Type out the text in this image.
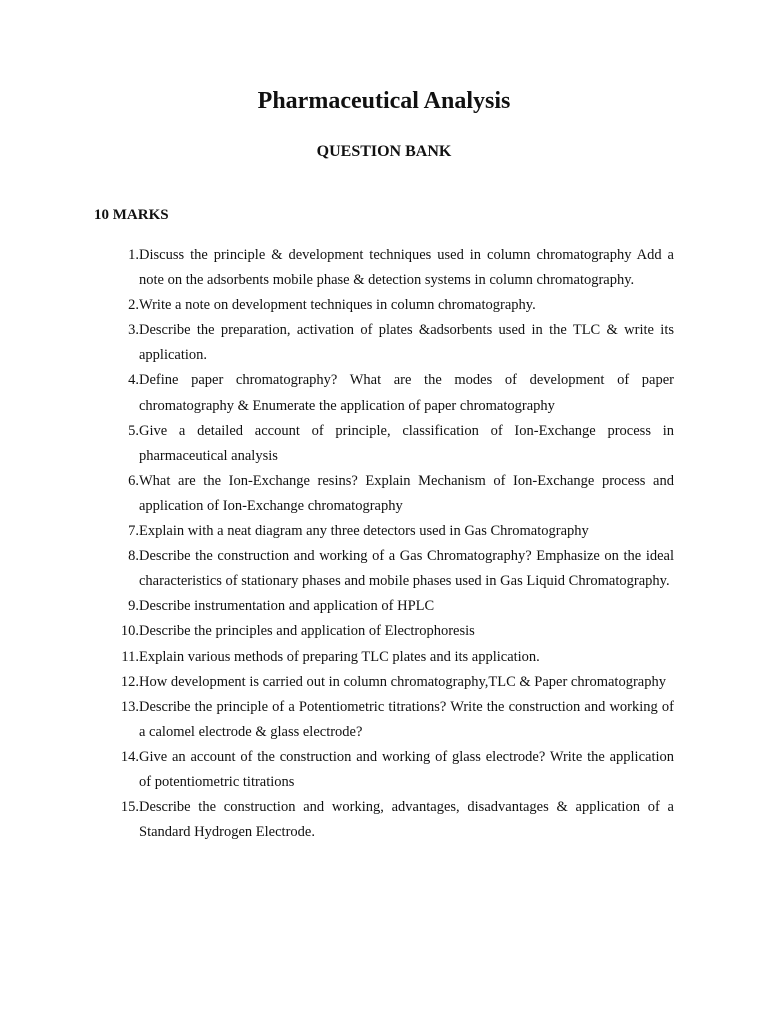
Pharmaceutical Analysis
QUESTION BANK
10 MARKS
1. Discuss the principle & development techniques used in column chromatography Add a note on the adsorbents mobile phase & detection systems in column chromatography.
2. Write a note on development techniques in column chromatography.
3. Describe the preparation, activation of plates &adsorbents used in the TLC & write its application.
4. Define paper chromatography? What are the modes of development of paper chromatography & Enumerate the application of paper chromatography
5. Give a detailed account of principle, classification of Ion-Exchange process in pharmaceutical analysis
6. What are the Ion-Exchange resins? Explain Mechanism of Ion-Exchange process and application of Ion-Exchange chromatography
7. Explain with a neat diagram any three detectors used in Gas Chromatography
8. Describe the construction and working of a Gas Chromatography? Emphasize on the ideal characteristics of stationary phases and mobile phases used in Gas Liquid Chromatography.
9. Describe instrumentation and application of HPLC
10. Describe the principles and application of Electrophoresis
11. Explain various methods of preparing TLC plates and its application.
12. How development is carried out in column chromatography,TLC & Paper chromatography
13. Describe the principle of a Potentiometric titrations? Write the construction and working of a calomel electrode & glass electrode?
14. Give an account of the construction and working of glass electrode? Write the application of potentiometric titrations
15. Describe the construction and working, advantages, disadvantages & application of a Standard Hydrogen Electrode.
